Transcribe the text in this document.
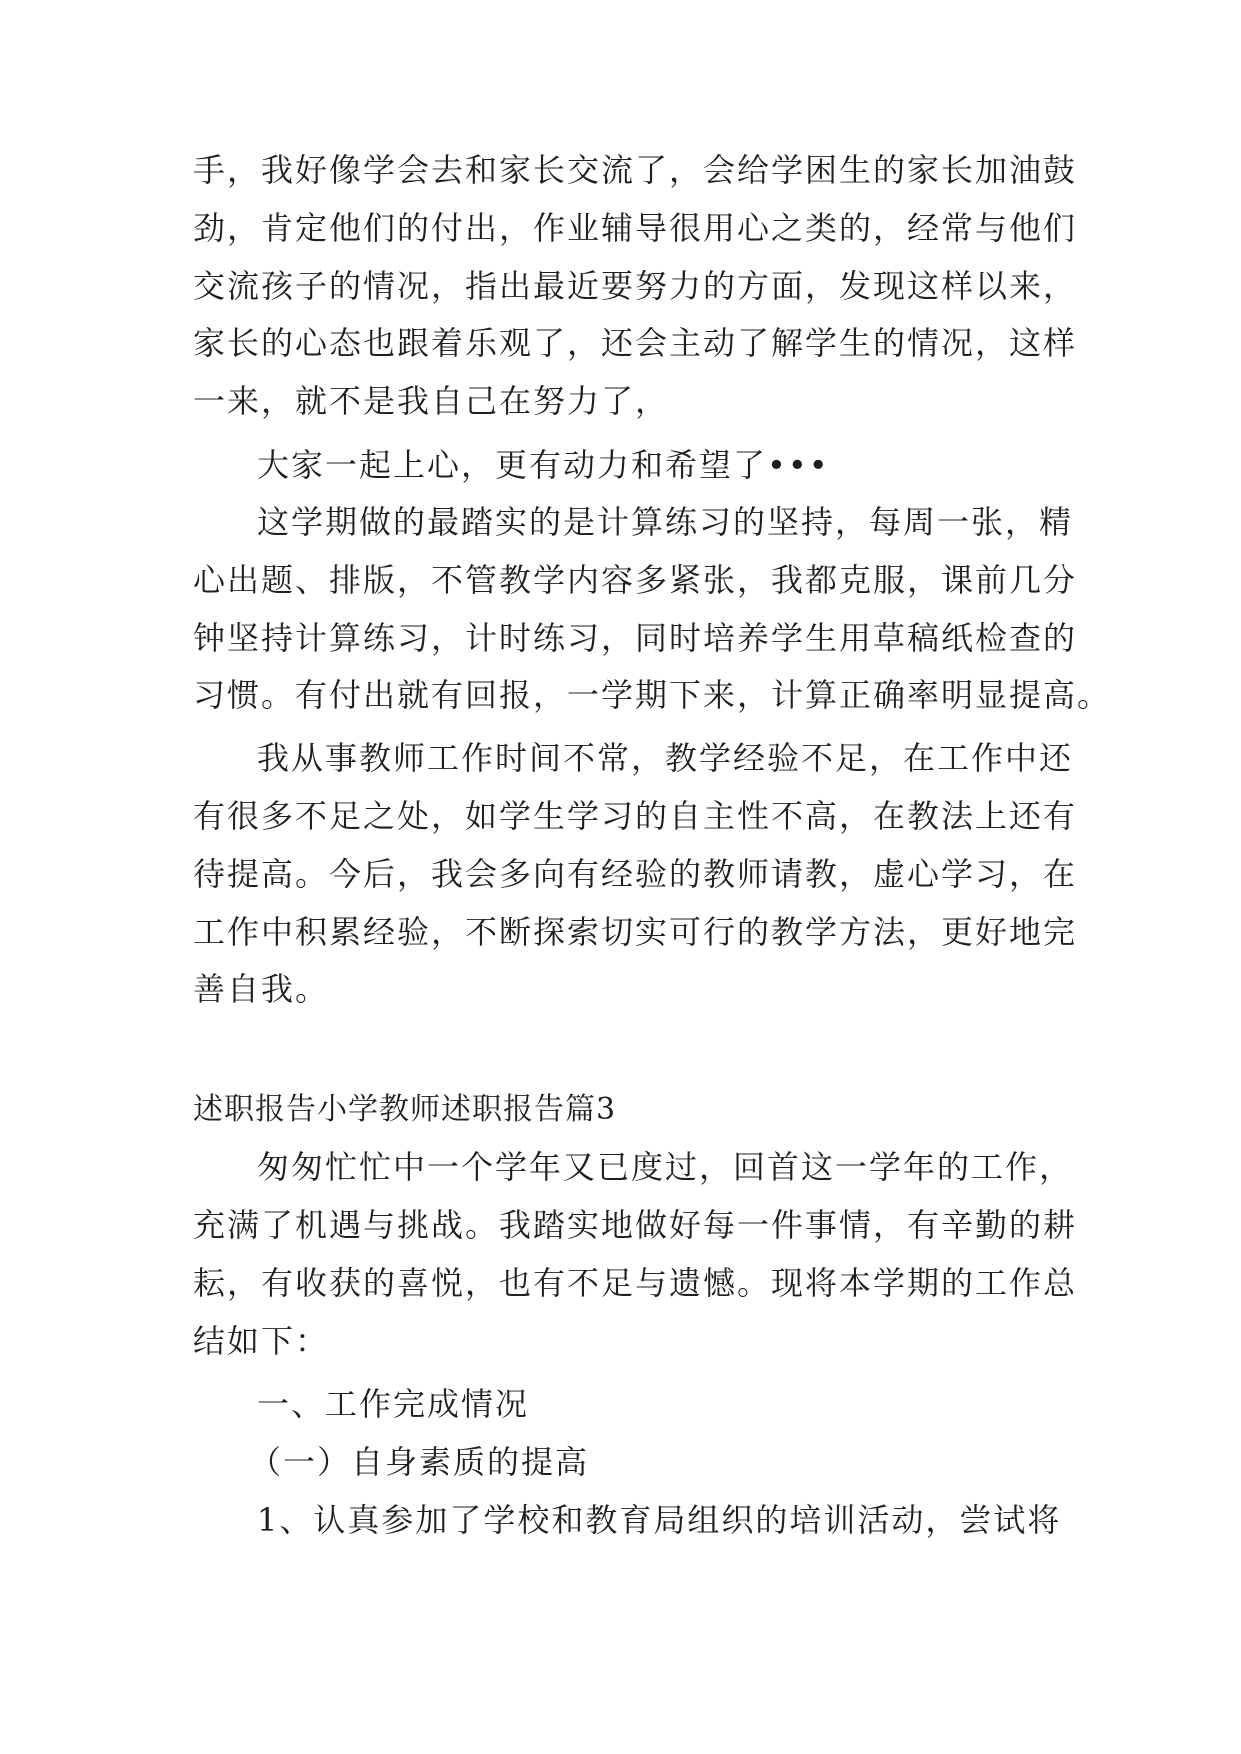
手，我好像学会去和家长交流了，会给学困生的家长加油鼓
劲，肯定他们的付出，作业辅导很用心之类的，经常与他们
交流孩子的情况，指出最近要努力的方面，发现这样以来，
家长的心态也跟着乐观了，还会主动了解学生的情况，这样
一来，就不是我自己在努力了，
大家一起上心，更有动力和希望了•••
这学期做的最踏实的是计算练习的坚持，每周一张，精
心出题、排版，不管教学内容多紧张，我都克服，课前几分
钟坚持计算练习，计时练习，同时培养学生用草稿纸检查的
习惯。有付出就有回报，一学期下来，计算正确率明显提高。
我从事教师工作时间不常，教学经验不足，在工作中还
有很多不足之处，如学生学习的自主性不高，在教法上还有
待提高。今后，我会多向有经验的教师请教，虚心学习，在
工作中积累经验，不断探索切实可行的教学方法，更好地完
善自我。
述职报告小学教师述职报告篇3
匆匆忙忙中一个学年又已度过，回首这一学年的工作，
充满了机遇与挑战。我踏实地做好每一件事情，有辛勤的耕
耘，有收获的喜悦，也有不足与遗憾。现将本学期的工作总
结如下：
一、工作完成情况
（一）自身素质的提高
1、认真参加了学校和教育局组织的培训活动，尝试将
